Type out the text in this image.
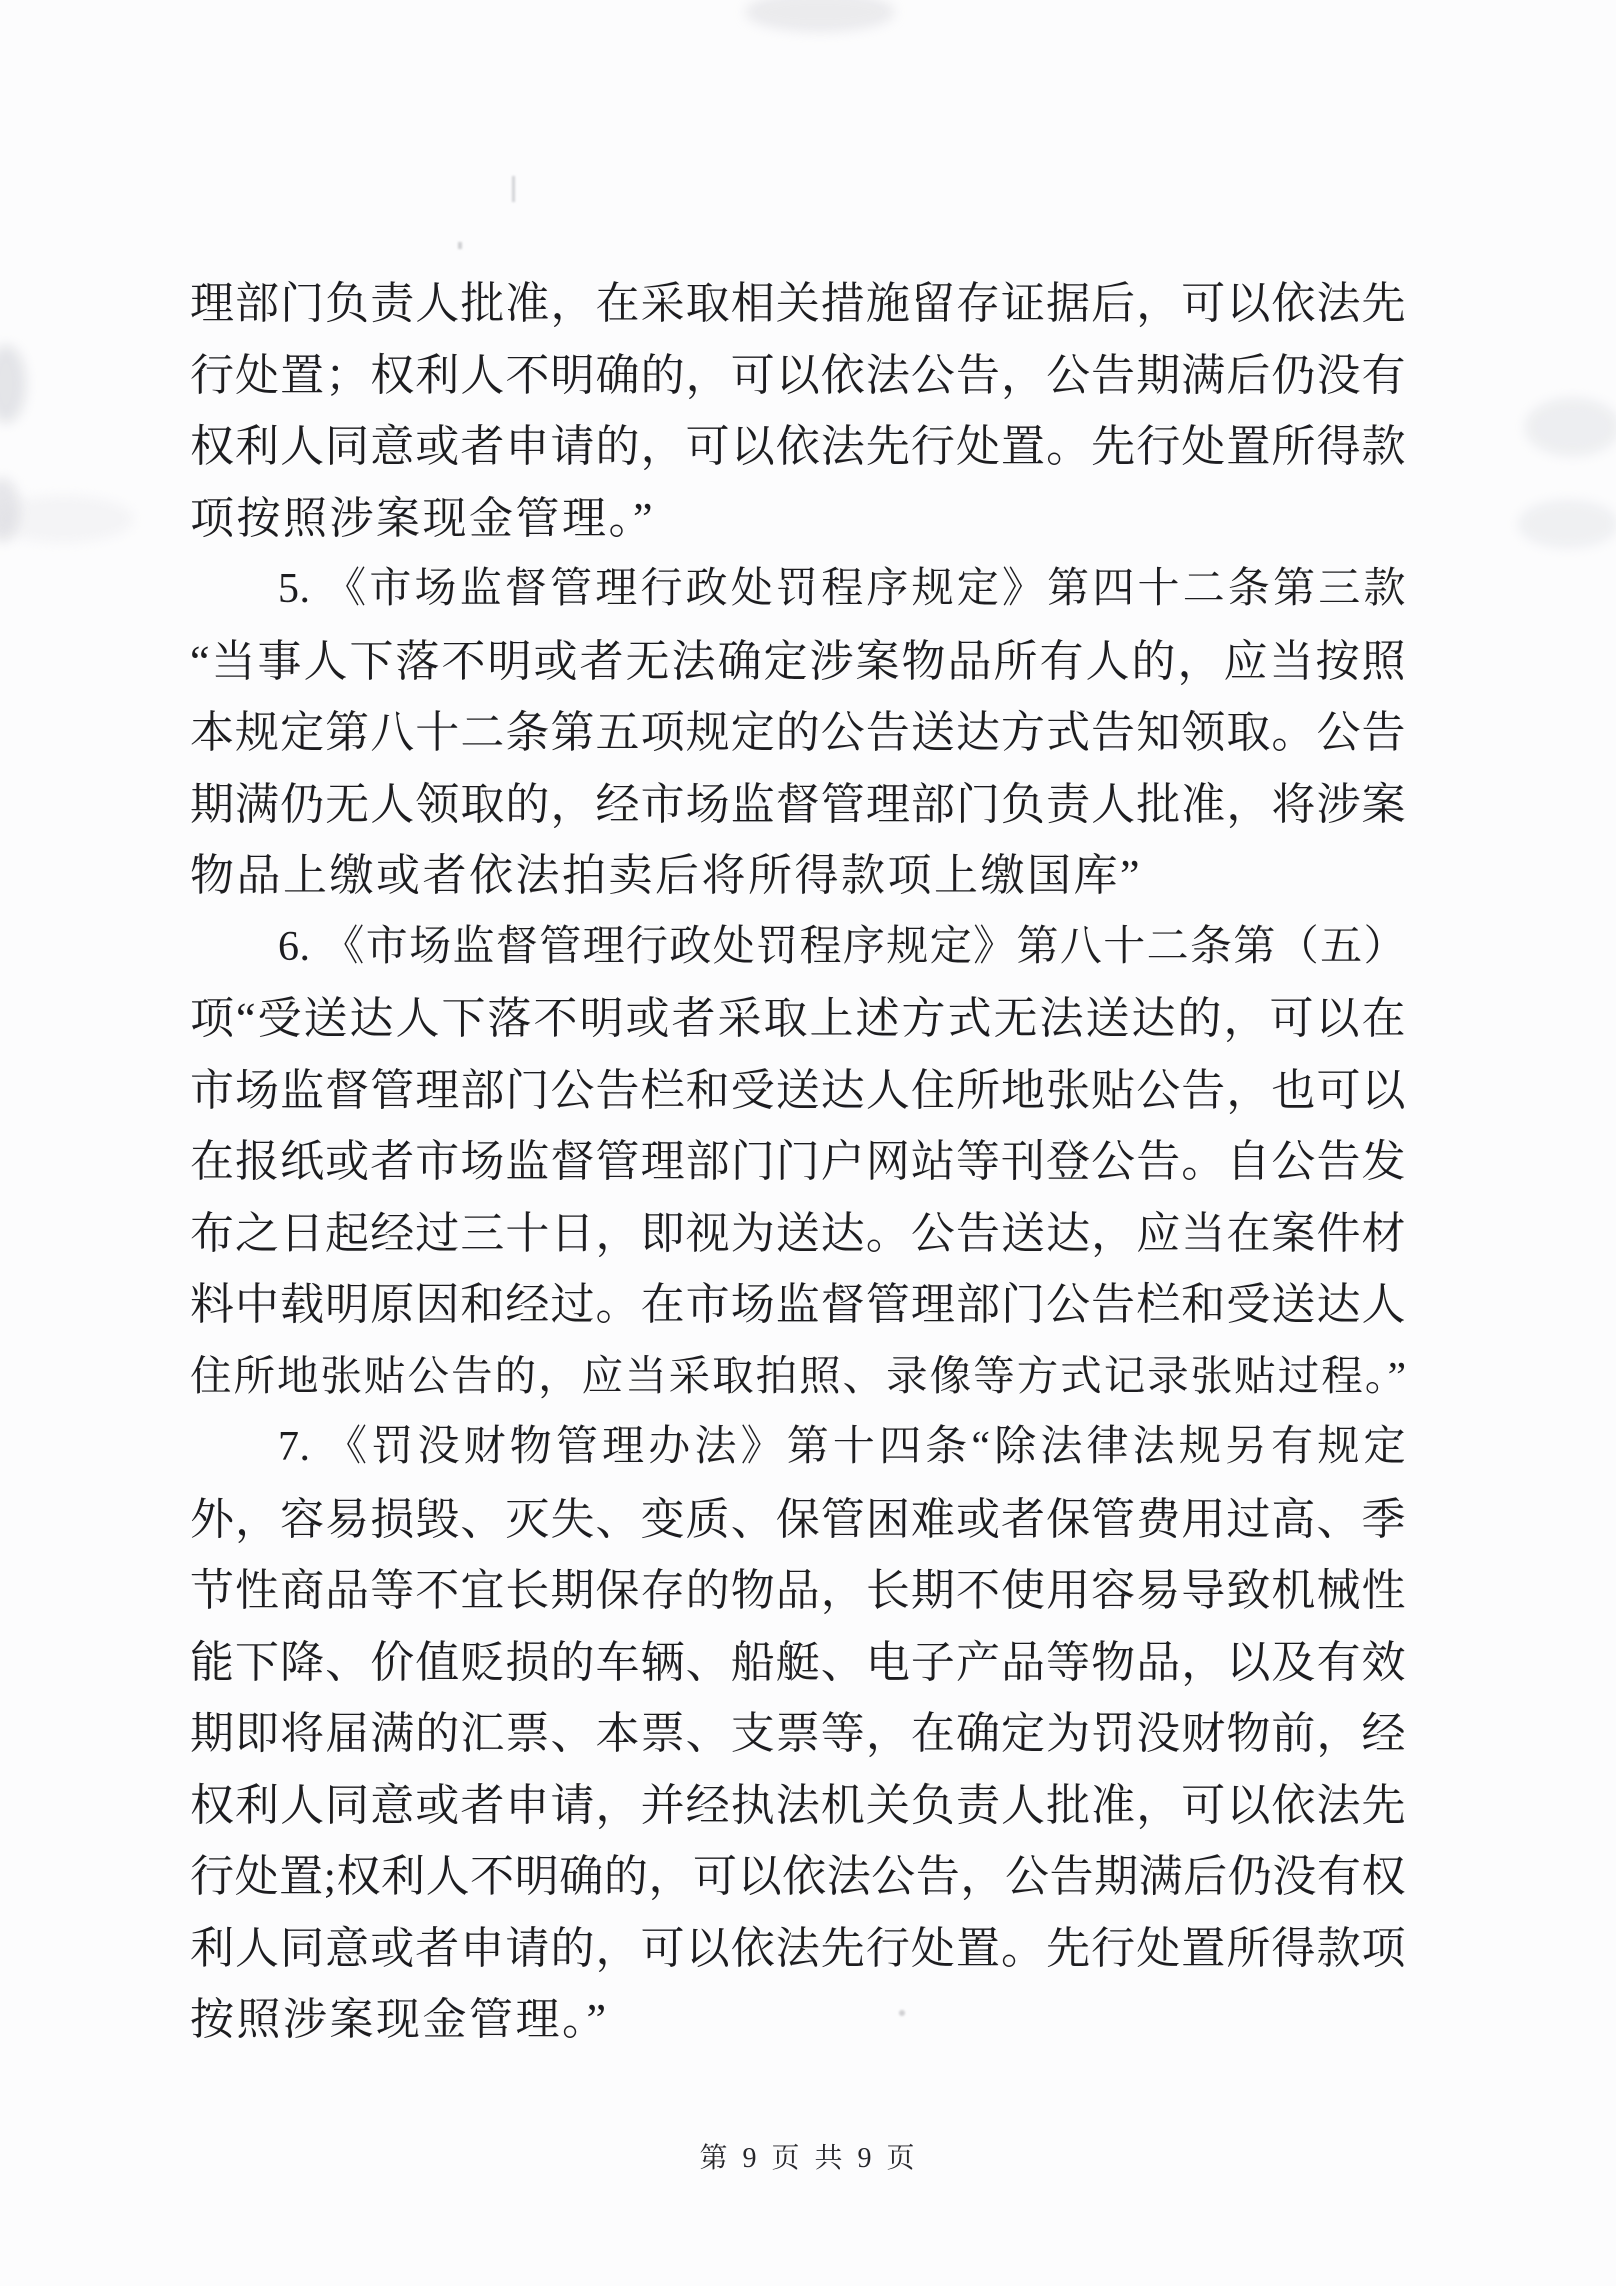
理部门负责人批准，在采取相关措施留存证据后，可以依法先
行处置；权利人不明确的，可以依法公告，公告期满后仍没有
权利人同意或者申请的，可以依法先行处置。先行处置所得款
项按照涉案现金管理。”
5. 《市场监督管理行政处罚程序规定》第四十二条第三款
“当事人下落不明或者无法确定涉案物品所有人的，应当按照
本规定第八十二条第五项规定的公告送达方式告知领取。公告
期满仍无人领取的，经市场监督管理部门负责人批准，将涉案
物品上缴或者依法拍卖后将所得款项上缴国库”
6. 《市场监督管理行政处罚程序规定》第八十二条第（五）
项“受送达人下落不明或者采取上述方式无法送达的，可以在
市场监督管理部门公告栏和受送达人住所地张贴公告，也可以
在报纸或者市场监督管理部门门户网站等刊登公告。自公告发
布之日起经过三十日，即视为送达。公告送达，应当在案件材
料中载明原因和经过。在市场监督管理部门公告栏和受送达人
住所地张贴公告的，应当采取拍照、录像等方式记录张贴过程。”
7. 《罚没财物管理办法》第十四条“除法律法规另有规定
外，容易损毁、灭失、变质、保管困难或者保管费用过高、季
节性商品等不宜长期保存的物品，长期不使用容易导致机械性
能下降、价值贬损的车辆、船艇、电子产品等物品，以及有效
期即将届满的汇票、本票、支票等，在确定为罚没财物前，经
权利人同意或者申请，并经执法机关负责人批准，可以依法先
行处置;权利人不明确的，可以依法公告，公告期满后仍没有权
利人同意或者申请的，可以依法先行处置。先行处置所得款项
按照涉案现金管理。”
第 9 页 共 9 页
